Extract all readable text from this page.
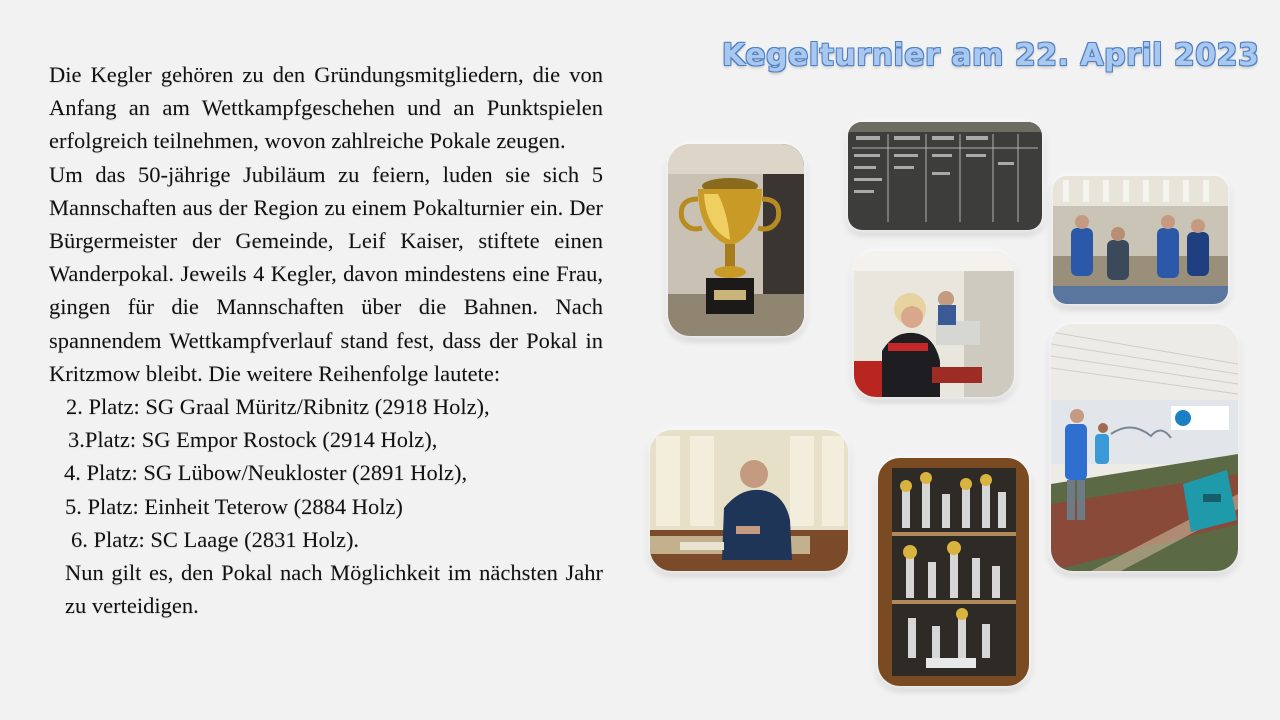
Kegelturnier am 22. April 2023
Die Kegler gehören zu den Gründungsmitgliedern, die von Anfang an am Wettkampfgeschehen und an Punktspielen erfolgreich teilnehmen, wovon zahlreiche Pokale zeugen.
Um das 50-jährige Jubiläum zu feiern, luden sie sich 5 Mannschaften aus der Region zu einem Pokalturnier ein. Der Bürgermeister der Gemeinde, Leif Kaiser, stiftete einen Wanderpokal. Jeweils 4 Kegler, davon mindestens eine Frau, gingen für die Mannschaften über die Bahnen. Nach spannendem Wettkampfverlauf stand fest, dass der Pokal in Kritzmow bleibt. Die weitere Reihenfolge lautete:
2. Platz: SG Graal Müritz/Ribnitz (2918 Holz),
3.Platz: SG Empor Rostock (2914 Holz),
4. Platz: SG Lübow/Neukloster (2891 Holz),
5. Platz: Einheit Teterow (2884 Holz)
6. Platz: SC Laage (2831 Holz).
Nun gilt es, den Pokal nach Möglichkeit im nächsten Jahr zu verteidigen.
